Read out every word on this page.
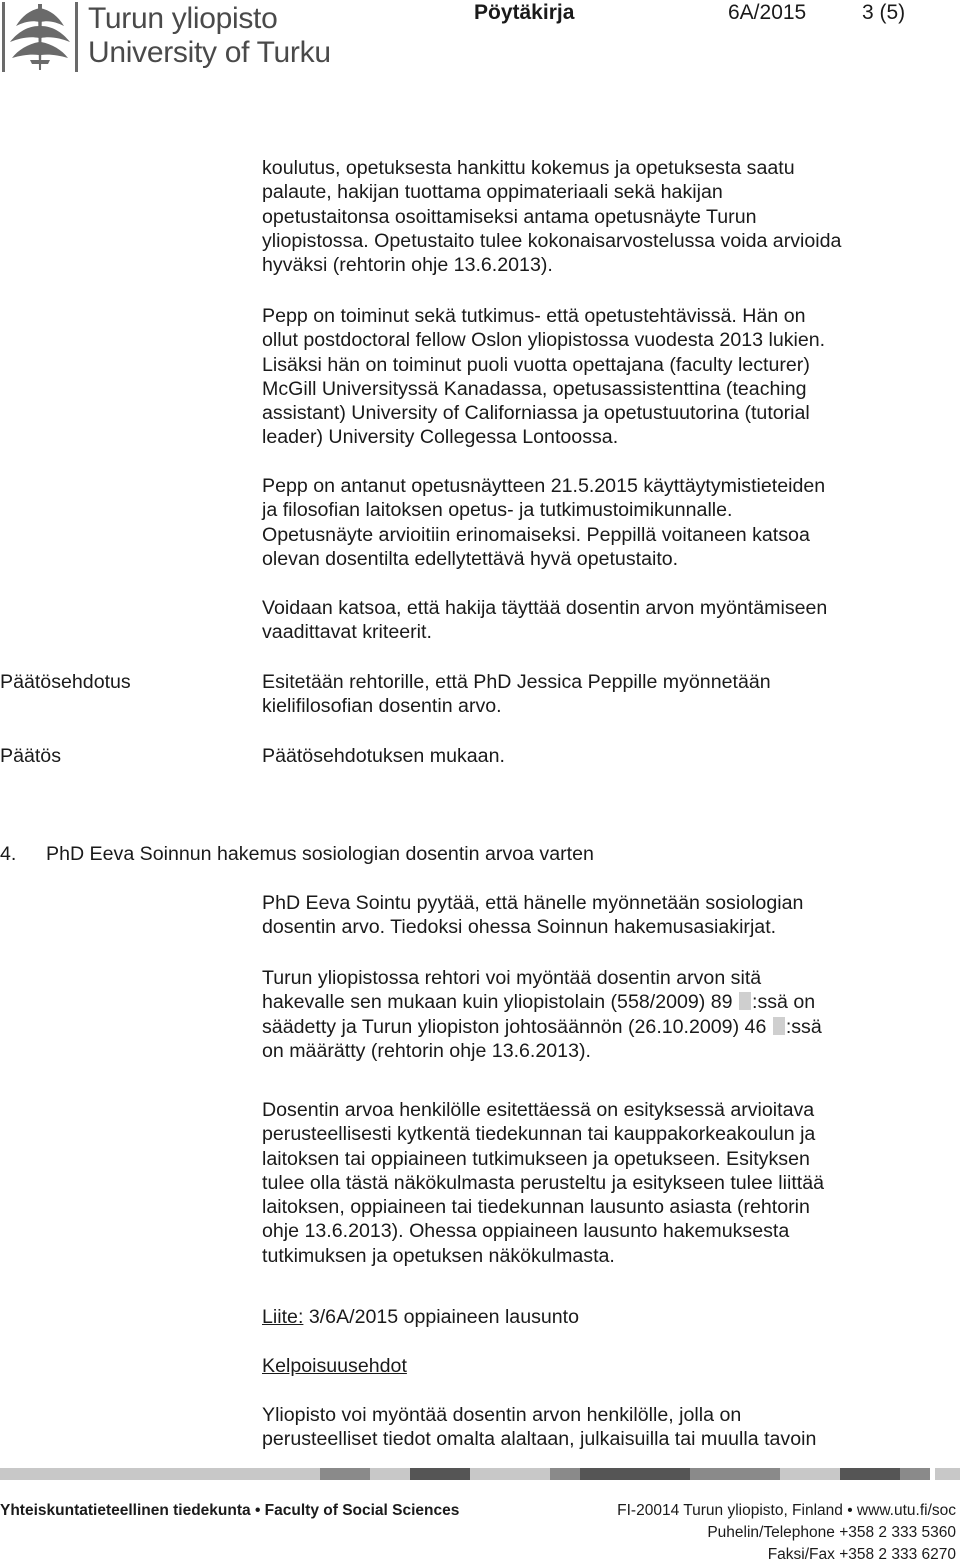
Turun yliopisto
University of Turku
Pöytäkirja	6A/2015	3 (5)

koulutus, opetuksesta hankittu kokemus ja opetuksesta saatu

palaute, hakijan tuottama oppimateriaali sekä hakijan

opetustaitonsa osoittamiseksi antama opetusnäyte Turun

yliopistossa. Opetustaito tulee kokonaisarvostelussa voida arvioida

hyväksi (rehtorin ohje 13.6.2013).

Pepp on toiminut sekä tutkimus- että opetustehtävissä. Hän on

ollut postdoctoral fellow Oslon yliopistossa vuodesta 2013 lukien.

Lisäksi hän on toiminut puoli vuotta opettajana (faculty lecturer)

McGill Universityssä Kanadassa, opetusassistenttina (teaching

assistant) University of Californiassa ja opetustuutorina (tutorial

leader) University Collegessa Lontoossa.

Pepp on antanut opetusnäytteen 21.5.2015 käyttäytymistieteiden

ja filosofian laitoksen opetus- ja tutkimustoimikunnalle.

Opetusnäyte arvioitiin erinomaiseksi. Peppillä voitaneen katsoa

olevan dosentilta edellytettävä hyvä opetustaito.

Voidaan katsoa, että hakija täyttää dosentin arvon myöntämiseen

vaadittavat kriteerit.

Päätösehdotus	Esitetään rehtorille, että PhD Jessica Peppille myönnetään

kielifilosofian dosentin arvo.

Päätös	Päätösehdotuksen mukaan.

4. PhD Eeva Soinnun hakemus sosiologian dosentin arvoa varten

PhD Eeva Sointu pyytää, että hänelle myönnetään sosiologian

dosentin arvo. Tiedoksi ohessa Soinnun hakemusasiakirjat.

Turun yliopistossa rehtori voi myöntää dosentin arvon sitä

hakevalle sen mukaan kuin yliopistolain (558/2009) 89 :ssä on

säädetty ja Turun yliopiston johtosäännön (26.10.2009) 46 :ssä

on määrätty (rehtorin ohje 13.6.2013).

Dosentin arvoa henkilölle esitettäessä on esityksessä arvioitava

perusteellisesti kytkentä tiedekunnan tai kauppakorkeakoulun ja

laitoksen tai oppiaineen tutkimukseen ja opetukseen. Esityksen

tulee olla tästä näkökulmasta perusteltu ja esitykseen tulee liittää

laitoksen, oppiaineen tai tiedekunnan lausunto asiasta (rehtorin

ohje 13.6.2013). Ohessa oppiaineen lausunto hakemuksesta

tutkimuksen ja opetuksen näkökulmasta.

Liite: 3/6A/2015 oppiaineen lausunto

Kelpoisuusehdot

Yliopisto voi myöntää dosentin arvon henkilölle, jolla on

perusteelliset tiedot omalta alaltaan, julkaisuilla tai muulla tavoin

Yhteiskuntatieteellinen tiedekunta • Faculty of Social Sciences	FI-20014 Turun yliopisto, Finland • www.utu.fi/soc
Puhelin/Telephone +358 2 333 5360
Faksi/Fax +358 2 333 6270
